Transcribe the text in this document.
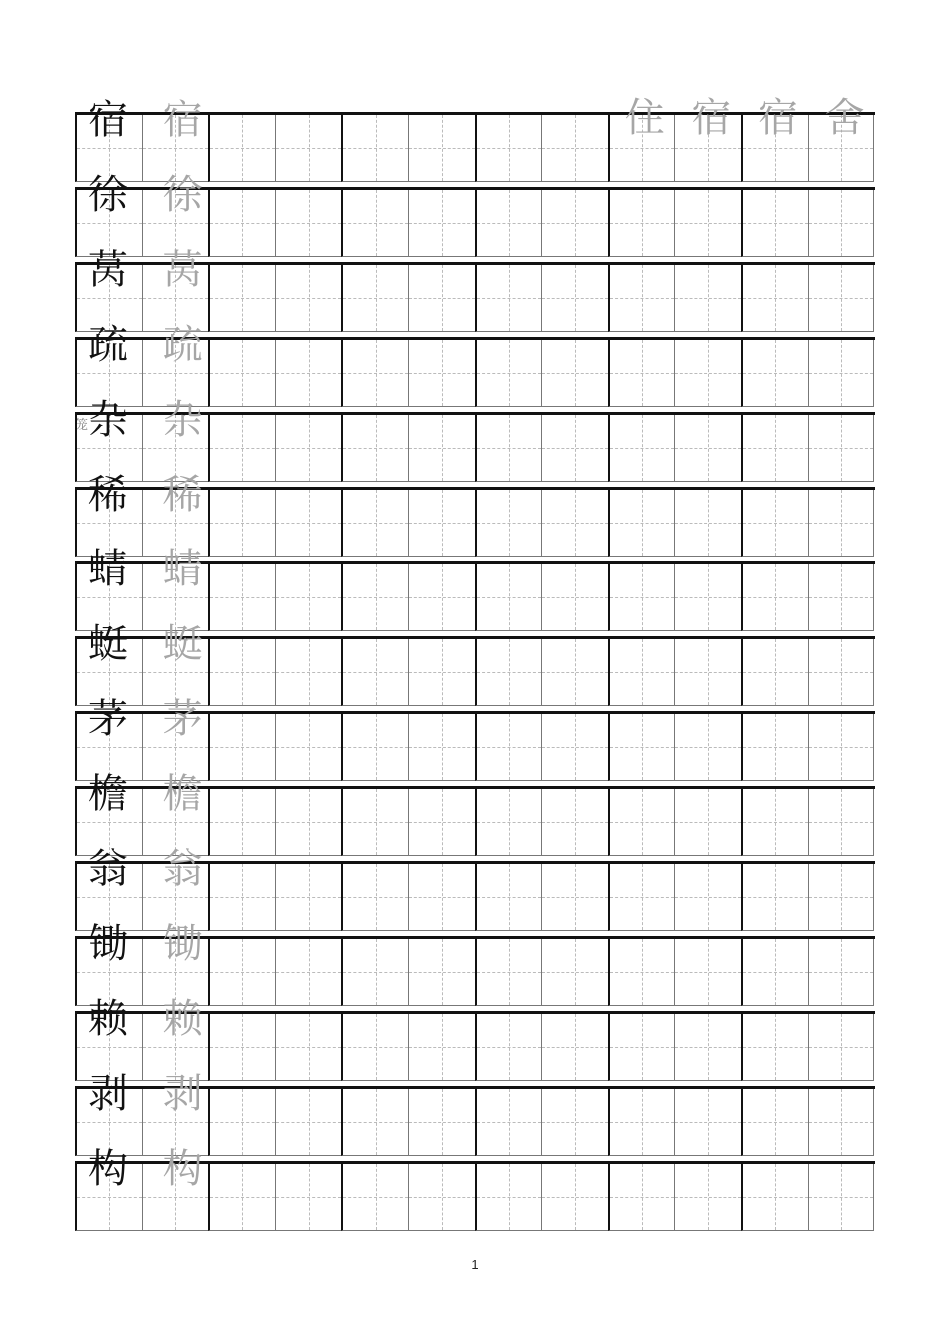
笼
1
宿 宿
徐 徐
莴 莴
疏 疏
杂 杂
稀 稀
蜻 蜻
蜓 蜓
茅 茅
檐 檐
翁 翁
锄 锄
赖 赖
剥 剥
构 构
住 宿 宿 舍
